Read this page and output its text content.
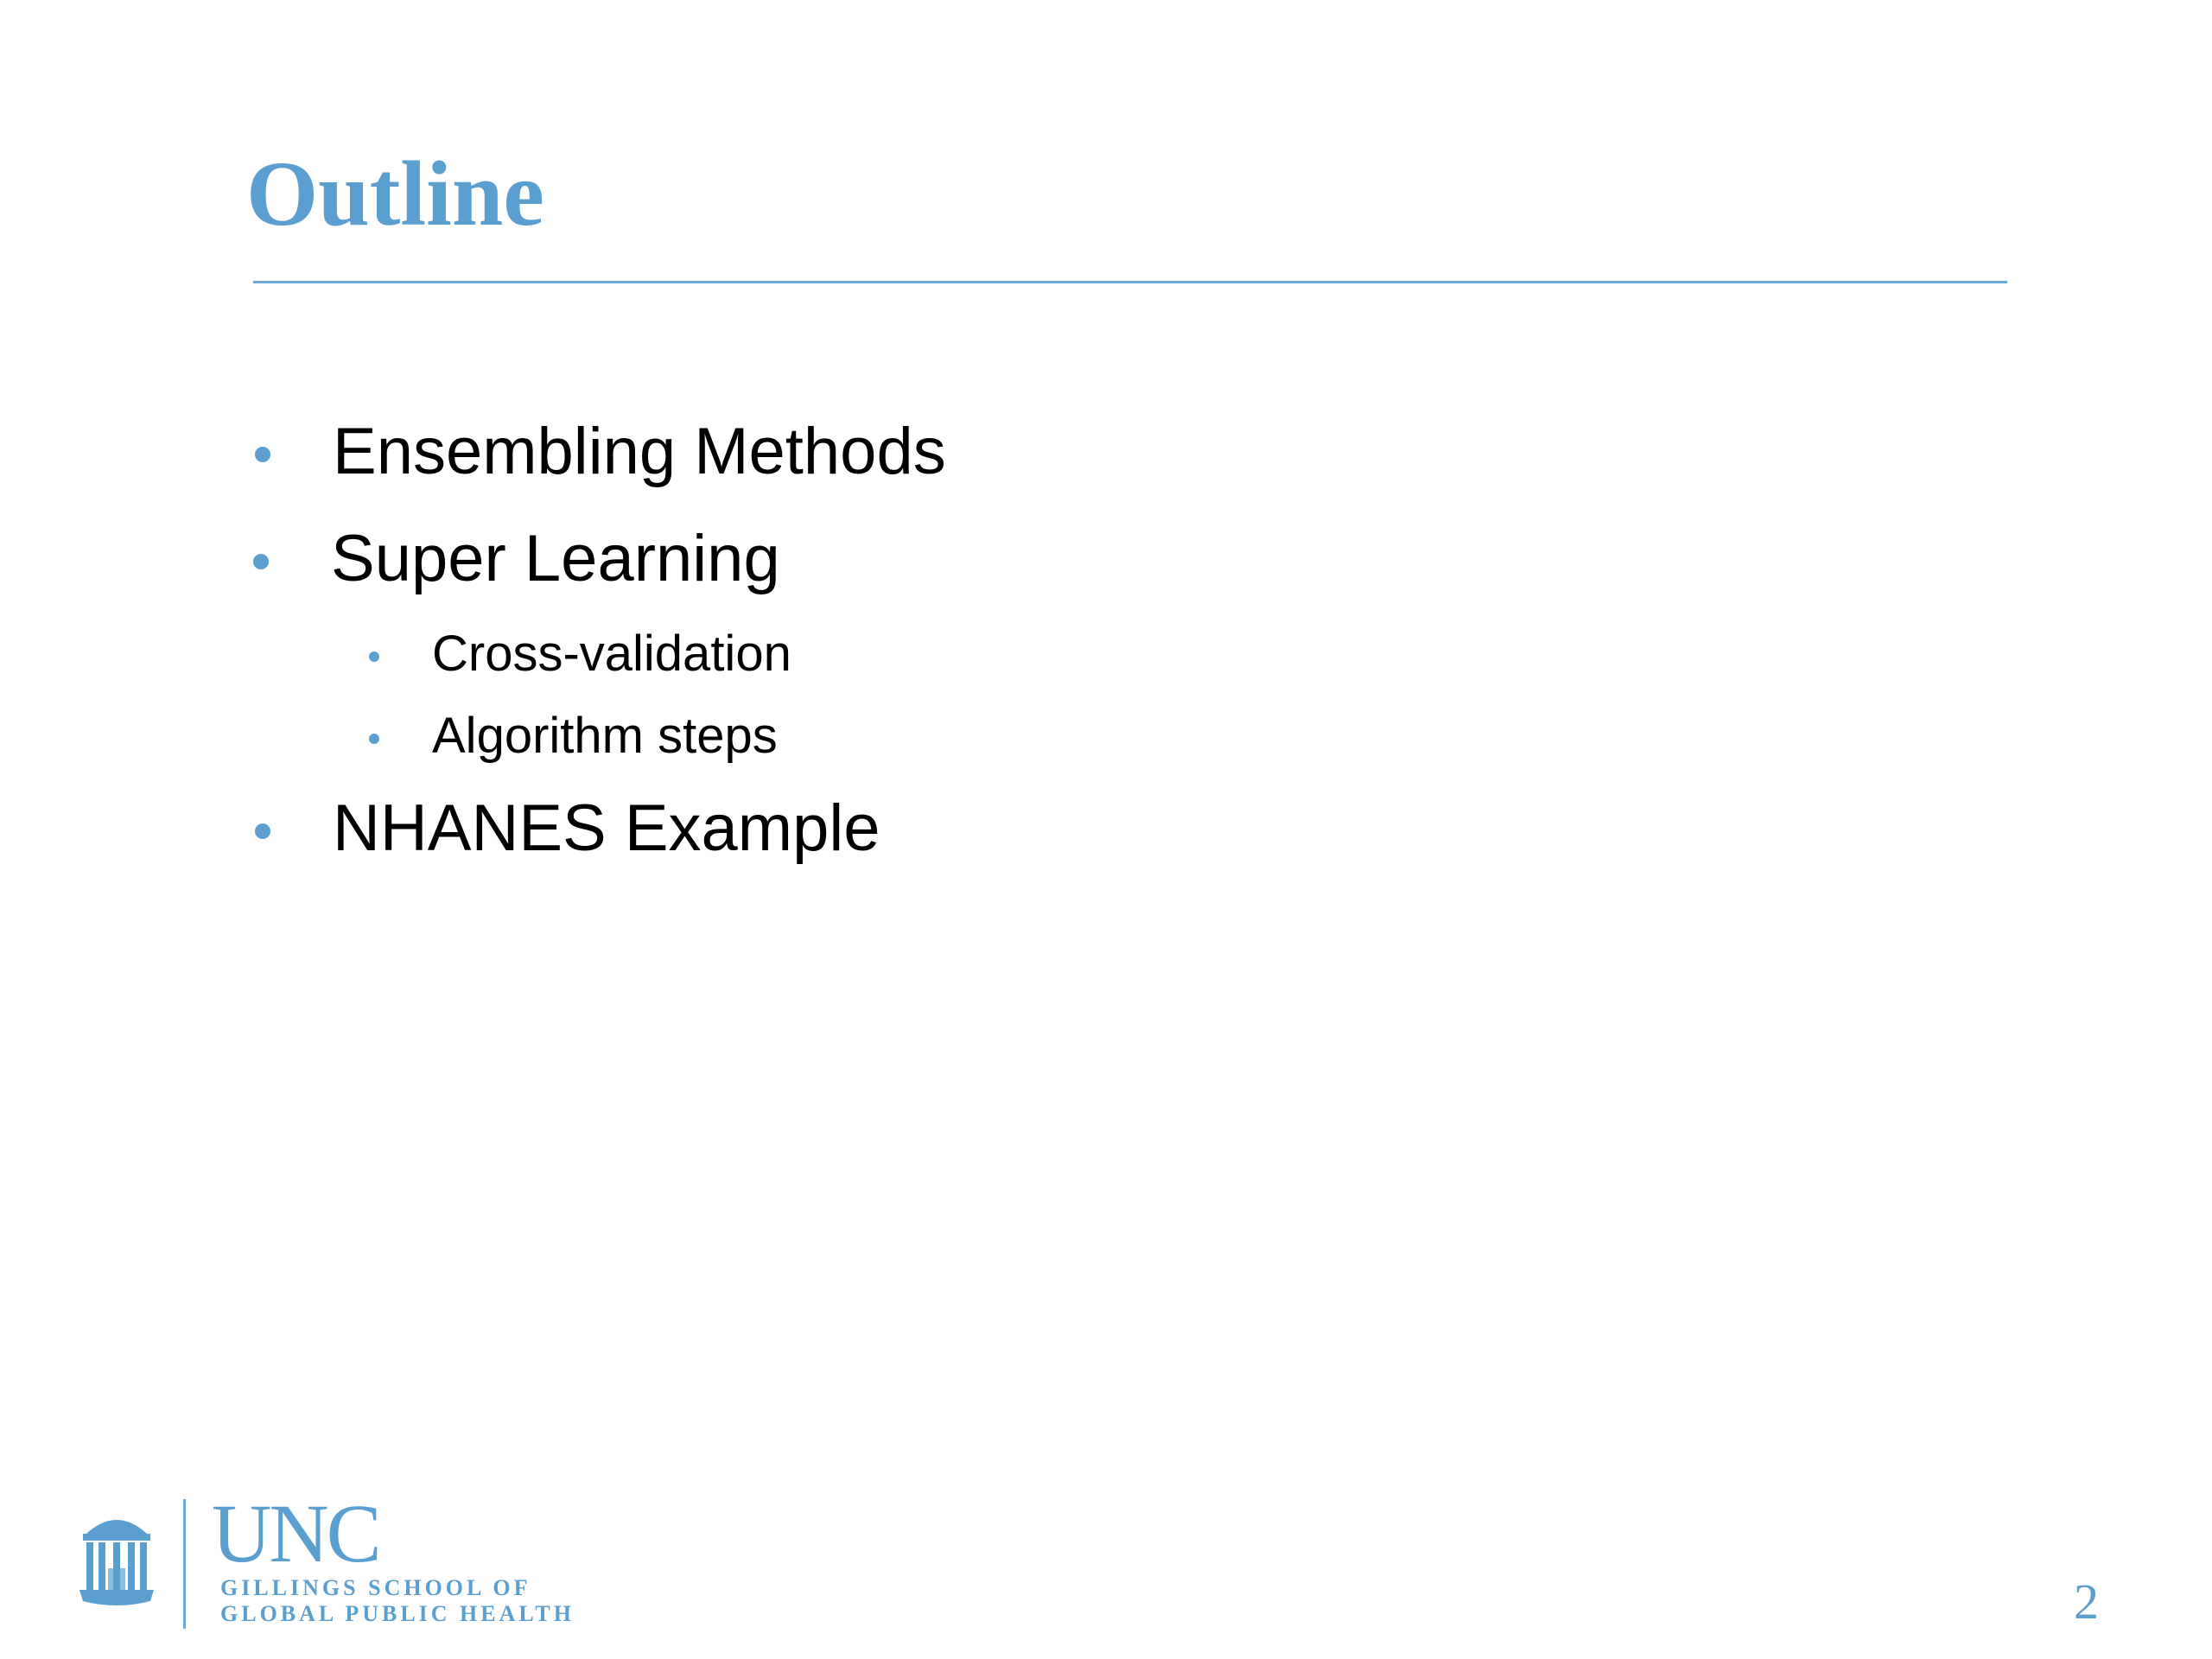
Outline
Ensembling Methods
Super Learning
Cross-validation
Algorithm steps
NHANES Example
UNC
GILLINGS SCHOOL OF
GLOBAL PUBLIC HEALTH	2
